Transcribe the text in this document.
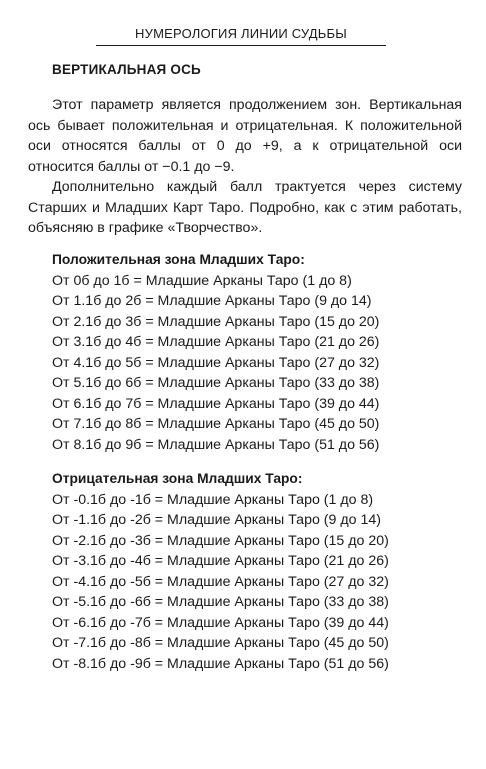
НУМЕРОЛОГИЯ ЛИНИИ СУДЬБЫ
ВЕРТИКАЛЬНАЯ ОСЬ

Этот параметр является продолжением зон. Вертикальная ось бывает положительная и отрицательная. К положительной оси относятся баллы от 0 до +9, а к отрицательной оси относится баллы от −0.1 до −9.

Дополнительно каждый балл трактуется через систему Старших и Младших Карт Таро. Подробно, как с этим работать, объясняю в графике «Творчество».

Положительная зона Младших Таро:
От 0б до 1б = Младшие Арканы Таро (1 до 8)
От 1.1б до 2б = Младшие Арканы Таро (9 до 14)
От 2.1б до 3б = Младшие Арканы Таро (15 до 20)
От 3.1б до 4б = Младшие Арканы Таро (21 до 26)
От 4.1б до 5б = Младшие Арканы Таро (27 до 32)
От 5.1б до 6б = Младшие Арканы Таро (33 до 38)
От 6.1б до 7б = Младшие Арканы Таро (39 до 44)
От 7.1б до 8б = Младшие Арканы Таро (45 до 50)
От 8.1б до 9б = Младшие Арканы Таро (51 до 56)
Отрицательная зона Младших Таро:
От -0.1б до -1б = Младшие Арканы Таро (1 до 8)
От -1.1б до -2б = Младшие Арканы Таро (9 до 14)
От -2.1б до -3б = Младшие Арканы Таро (15 до 20)
От -3.1б до -4б = Младшие Арканы Таро (21 до 26)
От -4.1б до -5б = Младшие Арканы Таро (27 до 32)
От -5.1б до -6б = Младшие Арканы Таро (33 до 38)
От -6.1б до -7б = Младшие Арканы Таро (39 до 44)
От -7.1б до -8б = Младшие Арканы Таро (45 до 50)
От -8.1б до -9б = Младшие Арканы Таро (51 до 56)
